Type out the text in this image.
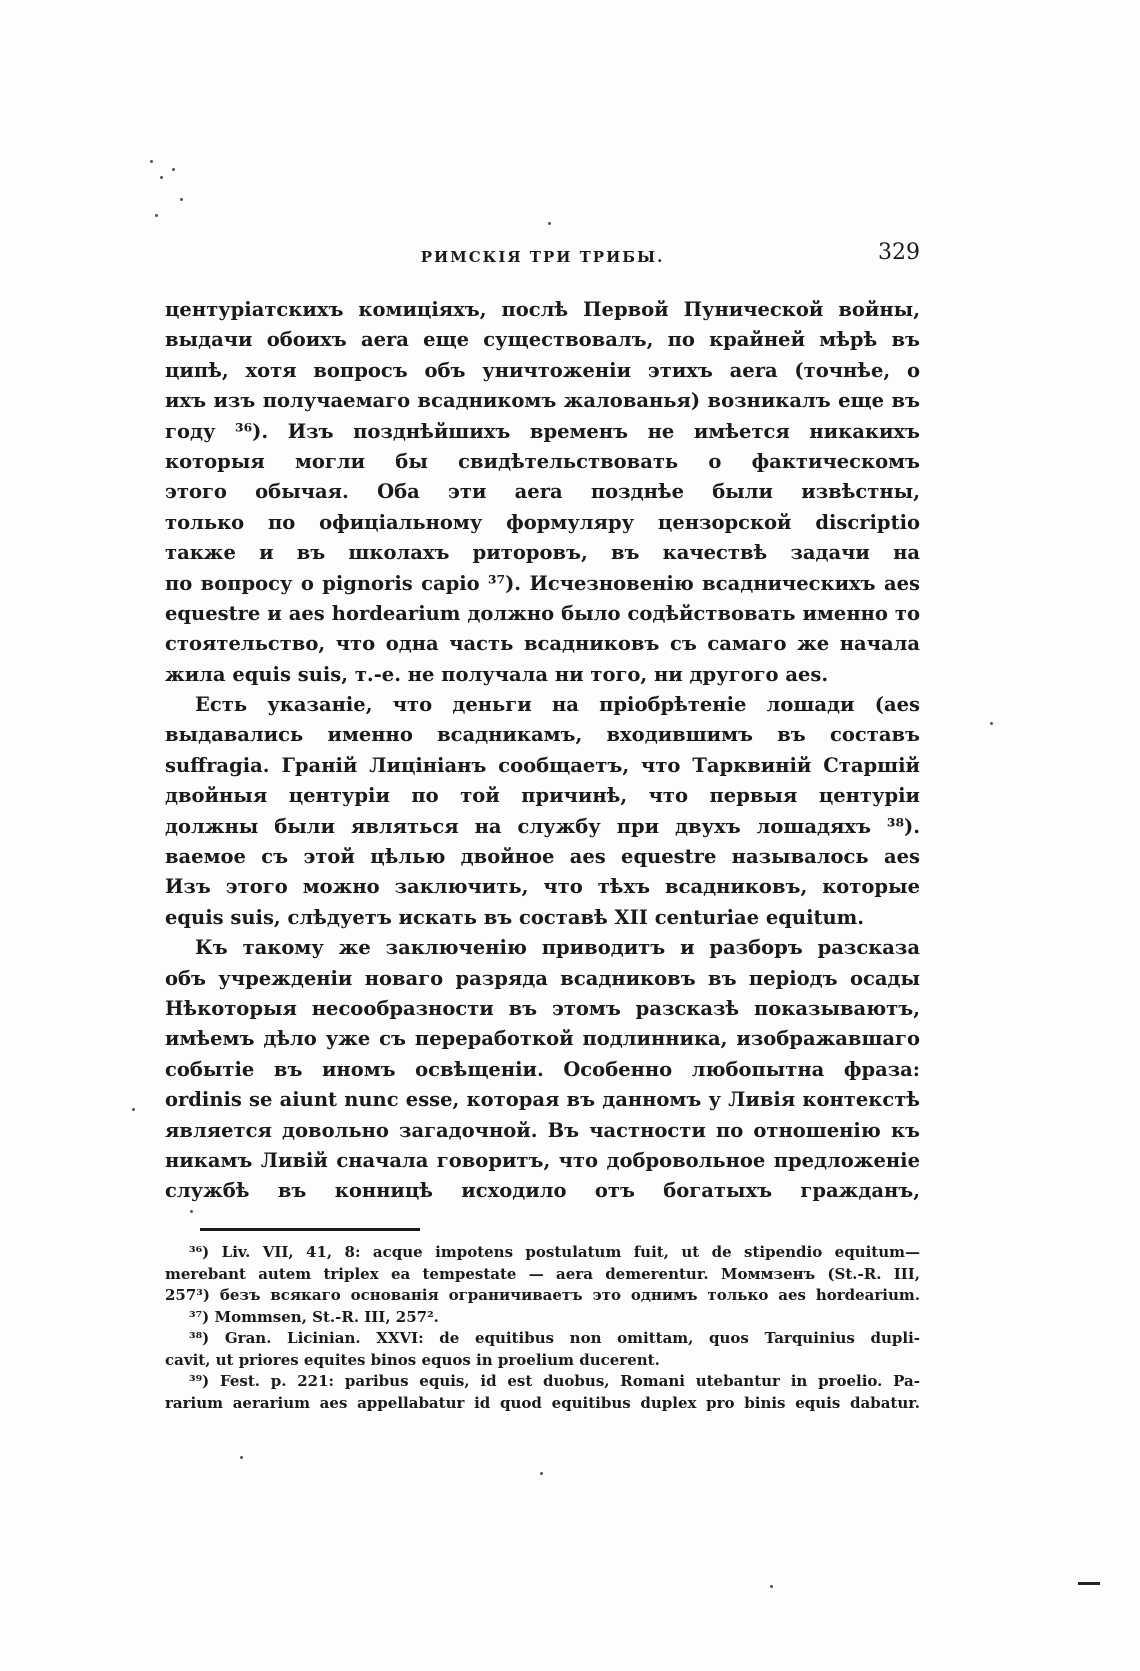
РИМСКІЯ ТРИ ТРИБЫ.	329

центуріатскихъ комиціяхъ, послѣ Первой Пунической войны,
выдачи обоихъ aera еще существовалъ, по крайней мѣрѣ въ
ципѣ, хотя вопросъ объ уничтоженіи этихъ aera (точнѣе, о
ихъ изъ получаемаго всадникомъ жалованья) возникалъ еще въ
году ³⁶). Изъ позднѣйшихъ временъ не имѣется никакихъ
которыя могли бы свидѣтельствовать о фактическомъ
этого обычая. Оба эти aera позднѣе были извѣстны,
только по офиціальному формуляру цензорской discriptio
также и въ школахъ риторовъ, въ качествѣ задачи на
по вопросу о pignoris capio ³⁷). Исчезновенію всадническихъ aes
equestre и aes hordearium должно было содѣйствовать именно то
стоятельство, что одна часть всадниковъ съ самаго же начала
жила equis suis, т.-е. не получала ни того, ни другого aes.

Есть указаніе, что деньги на пріобрѣтеніе лошади (aes
выдавались именно всадникамъ, входившимъ въ составъ
suffragia. Граній Лицініанъ сообщаетъ, что Тарквиній Старшій
двойныя центуріи по той причинѣ, что первыя центуріи
должны были являться на службу при двухъ лошадяхъ ³⁸).
ваемое съ этой цѣлью двойное aes equestre называлось aes
Изъ этого можно заключить, что тѣхъ всадниковъ, которые
equis suis, слѣдуетъ искать въ составѣ XII centuriae equitum.

Къ такому же заключенію приводитъ и разборъ разсказа
объ учрежденіи новаго разряда всадниковъ въ періодъ осады
Нѣкоторыя несообразности въ этомъ разсказѣ показываютъ,
имѣемъ дѣло уже съ переработкой подлинника, изображавшаго
событіе въ иномъ освѣщеніи. Особенно любопытна фраза:
ordinis se aiunt nunc esse, которая въ данномъ у Ливія контекстѣ
является довольно загадочной. Въ частности по отношенію къ
никамъ Ливій сначала говоритъ, что добровольное предложеніе
службѣ въ конницѣ исходило отъ богатыхъ гражданъ,

³⁶) Liv. VII, 41, 8: acque impotens postulatum fuit, ut de stipendio equitum—
merebant autem triplex ea tempestate — aera demerentur. Моммзенъ (St.-R. III,
257³) безъ всякаго основанія ограничиваетъ это однимъ только aes hordearium.
³⁷) Mommsen, St.-R. III, 257².
³⁸) Gran. Licinian. XXVI: de equitibus non omittam, quos Tarquinius dupli-
cavit, ut priores equites binos equos in proelium ducerent.
³⁹) Fest. p. 221: paribus equis, id est duobus, Romani utebantur in proelio. Pa-
rarium aerarium aes appellabatur id quod equitibus duplex pro binis equis dabatur.
